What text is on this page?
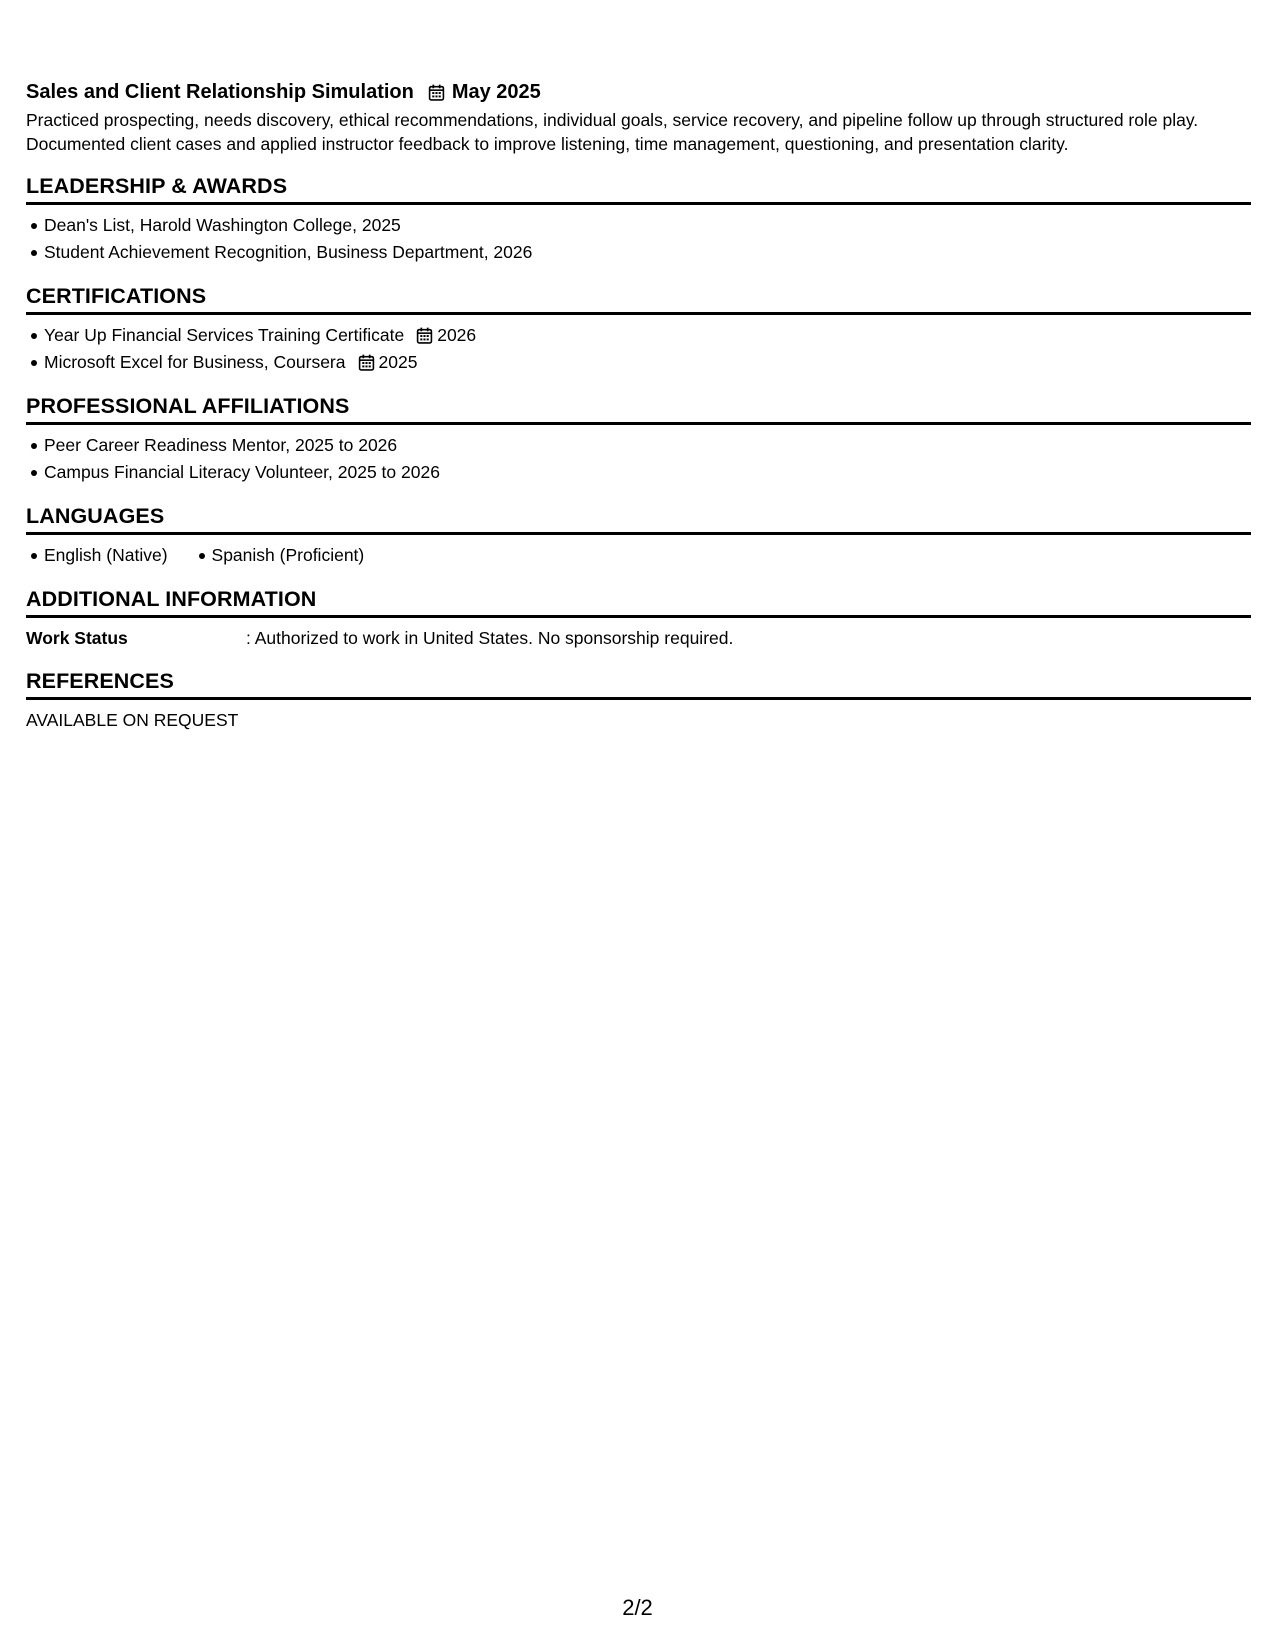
Sales and Client Relationship Simulation May 2025
Practiced prospecting, needs discovery, ethical recommendations, individual goals, service recovery, and pipeline follow up through structured role play. Documented client cases and applied instructor feedback to improve listening, time management, questioning, and presentation clarity.
LEADERSHIP & AWARDS
Dean's List, Harold Washington College, 2025
Student Achievement Recognition, Business Department, 2026
CERTIFICATIONS
Year Up Financial Services Training Certificate 2026
Microsoft Excel for Business, Coursera 2025
PROFESSIONAL AFFILIATIONS
Peer Career Readiness Mentor, 2025 to 2026
Campus Financial Literacy Volunteer, 2025 to 2026
LANGUAGES
English (Native)	Spanish (Proficient)
ADDITIONAL INFORMATION
Work Status	: Authorized to work in United States. No sponsorship required.
REFERENCES
AVAILABLE ON REQUEST
2/2
